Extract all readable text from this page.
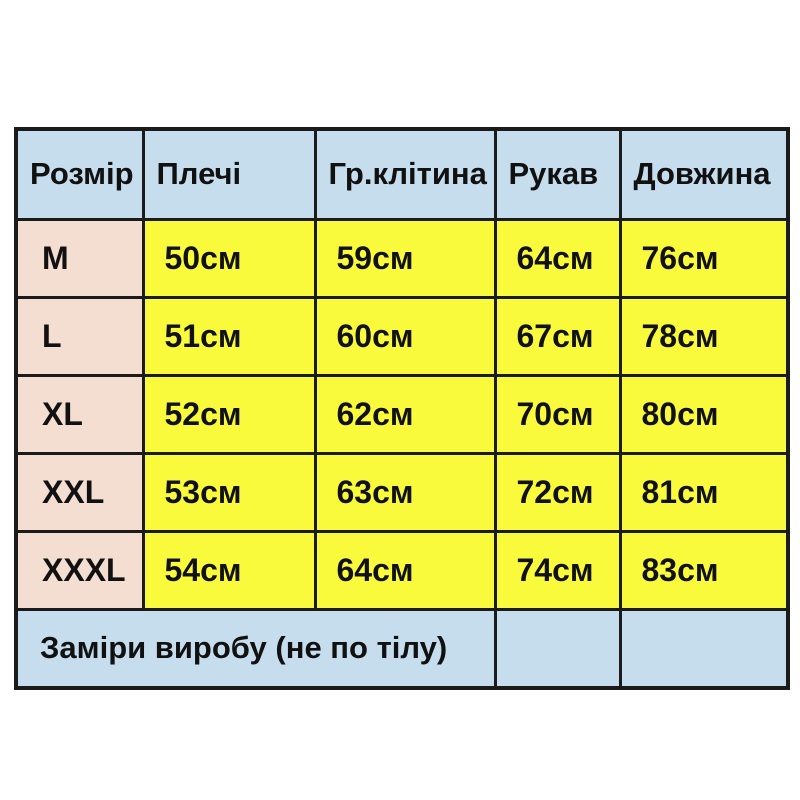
Розмір	Плечі	Гр.клітина	Рукав	Довжина
M	50см	59см	64см	76см
L	51см	60см	67см	78см
XL	52см	62см	70см	80см
XXL	53см	63см	72см	81см
XXXL	54см	64см	74см	83см
Заміри виробу (не по тілу)				
